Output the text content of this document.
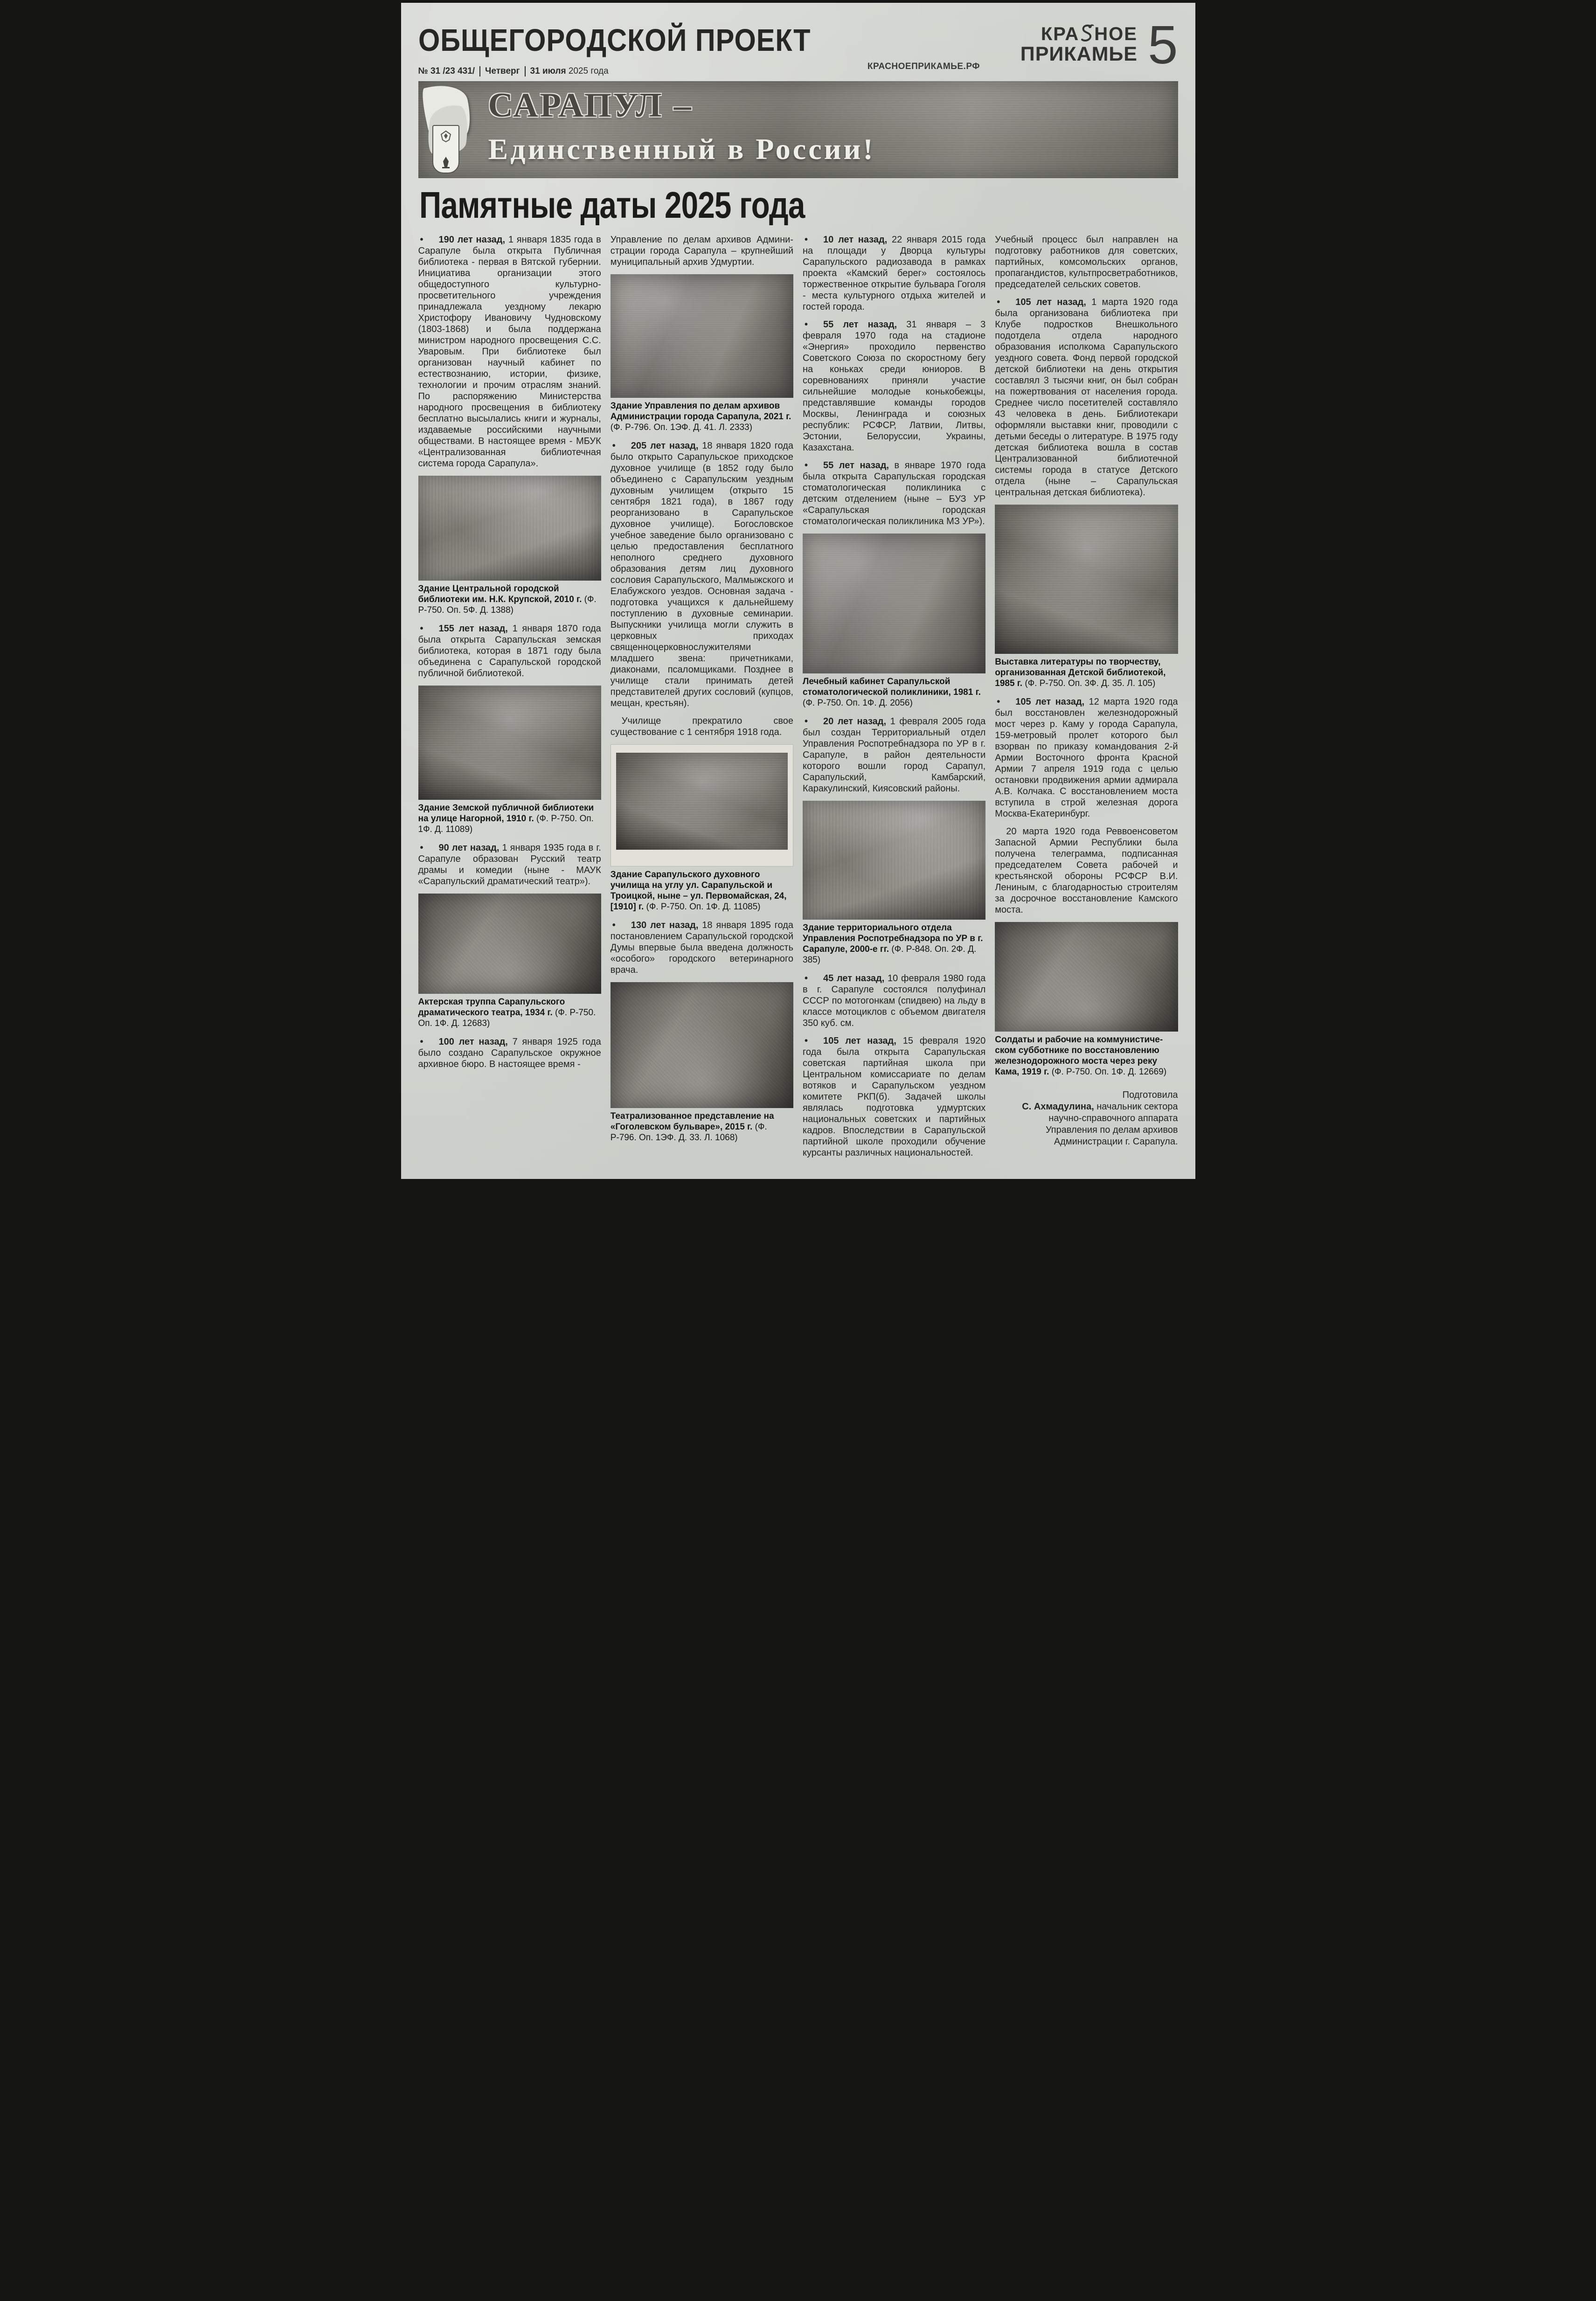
ОБЩЕГОРОДСКОЙ ПРОЕКТ
№ 31 /23 431/ Четверг 31 июля 2025 года	КРАСНОЕПРИКАМЬЕ.РФ
КРА НОЕ
ПРИКАМЬЕ 5
САРАПУЛ –
Единственный в России!
Памятные даты 2025 года

• 190 лет назад, 1 января 1835 года в Сарапуле была открыта Публичная библиотека - первая в Вятской губернии. Инициатива организации этого общедоступного культурно-просветительного учреждения принадлежала уездному лекарю Христофору Ивановичу Чудновскому (1803-1868) и была поддержана министром народного просвещения С.С. Уваровым. При библиотеке был организован научный кабинет по естествознанию, истории, физике, технологии и прочим отраслям знаний. По распоряжению Министерства народного просвещения в библиотеку бесплатно высылались книги и журналы, издаваемые российскими научными обществами. В настоящее время - МБУК «Централизованная библиотечная система города Сарапула».

Здание Центральной городской библиотеки им. Н.К. Крупской, 2010 г. (Ф. Р-750. Оп. 5Ф. Д. 1388)

• 155 лет назад, 1 января 1870 года была открыта Сарапульская земская библиотека, которая в 1871 году была объединена с Сарапульской городской публичной библиотекой.

Здание Земской публичной библиотеки на улице Нагорной, 1910 г. (Ф. Р-750. Оп. 1Ф. Д. 11089)

• 90 лет назад, 1 января 1935 года в г. Сарапуле образован Русский театр драмы и комедии (ныне - МАУК «Сарапульский драматический театр»).

Актерская труппа Сарапульского драматического театра, 1934 г. (Ф. Р-750. Оп. 1Ф. Д. 12683)

• 100 лет назад, 7 января 1925 года было создано Сарапульское окружное архивное бюро. В настоящее время -

Управление по делам архивов Администрации города Сарапула – крупнейший муниципальный архив Удмуртии.

Здание Управления по делам архивов Администрации города Сарапула, 2021 г. (Ф. Р-796. Оп. 1ЭФ. Д. 41. Л. 2333)

• 205 лет назад, 18 января 1820 года было открыто Сарапульское приходское духовное училище (в 1852 году было объединено с Сарапульским уездным духовным училищем (открыто 15 сентября 1821 года), в 1867 году реорганизовано в Сарапульское духовное училище). Богословское учебное заведение было организовано с целью предоставления бесплатного неполного среднего духовного образования детям лиц духовного сословия Сарапульского, Малмыжского и Елабужского уездов. Основная задача - подготовка учащихся к дальнейшему поступлению в духовные семинарии. Выпускники училища могли служить в церковных приходах священноцерковнослужителями младшего звена: причетниками, диаконами, псаломщиками. Позднее в училище стали принимать детей представителей других сословий (купцов, мещан, крестьян).

Училище прекратило свое существование с 1 сентября 1918 года.

Здание Сарапульского духовного училища на углу ул. Сарапульской и Троицкой, ныне – ул. Первомайская, 24, [1910] г. (Ф. Р-750. Оп. 1Ф. Д. 11085)

• 130 лет назад, 18 января 1895 года постановлением Сарапульской городской Думы впервые была введена должность «особого» городского ветеринарного врача.

Театрализованное представление на «Гоголевском бульваре», 2015 г. (Ф. Р-796. Оп. 1ЭФ. Д. 33. Л. 1068)

• 10 лет назад, 22 января 2015 года на площади у Дворца культуры Сарапульского радиозавода в рамках проекта «Камский берег» состоялось торжественное открытие бульвара Гоголя - места культурного отдыха жителей и гостей города.

• 55 лет назад, 31 января – 3 февраля 1970 года на стадионе «Энергия» проходило первенство Советского Союза по скоростному бегу на коньках среди юниоров. В соревнованиях приняли участие сильнейшие молодые конькобежцы, представлявшие команды городов Москвы, Ленинграда и союзных республик: РСФСР, Латвии, Литвы, Эстонии, Белоруссии, Украины, Казахстана.

• 55 лет назад, в январе 1970 года была открыта Сарапульская городская стоматологическая поликлиника с детским отделением (ныне – БУЗ УР «Сарапульская городская стоматологическая поликлиника МЗ УР»).

Лечебный кабинет Сарапульской стоматологической поликлиники, 1981 г. (Ф. Р-750. Оп. 1Ф. Д. 2056)

• 20 лет назад, 1 февраля 2005 года был создан Территориальный отдел Управления Роспотребнадзора по УР в г. Сарапуле, в район деятельности которого вошли город Сарапул, Сарапульский, Камбарский, Каракулинский, Киясовский районы.

Здание территориального отдела Управления Роспотребнадзора по УР в г. Сарапуле, 2000-е гг. (Ф. Р-848. Оп. 2Ф. Д. 385)

• 45 лет назад, 10 февраля 1980 года в г. Сарапуле состоялся полуфинал СССР по мотогонкам (спидвею) на льду в классе мотоциклов с объемом двигателя 350 куб. см.

• 105 лет назад, 15 февраля 1920 года была открыта Сарапульская советская партийная школа при Центральном комиссариате по делам вотяков и Сарапульском уездном комитете РКП(б). Задачей школы являлась подготовка удмуртских национальных советских и партийных кадров. Впоследствии в Сарапульской партийной школе проходили обучение курсанты различных национальностей.

Учебный процесс был направлен на подготовку работников для советских, партийных, комсомольских органов, пропагандистов, культпросветработников, председателей сельских советов.

• 105 лет назад, 1 марта 1920 года была организована библиотека при Клубе подростков Внешкольного подотдела отдела народного образования исполкома Сарапульского уездного совета. Фонд первой городской детской библиотеки на день открытия составлял 3 тысячи книг, он был собран на пожертвования от населения города. Среднее число посетителей составляло 43 человека в день. Библиотекари оформляли выставки книг, проводили с детьми беседы о литературе. В 1975 году детская библиотека вошла в состав Централизованной библиотечной системы города в статусе Детского отдела (ныне – Сарапульская центральная детская библиотека).

Выставка литературы по творчеству, организованная Детской библиотекой, 1985 г. (Ф. Р-750. Оп. 3Ф. Д. 35. Л. 105)

• 105 лет назад, 12 марта 1920 года был восстановлен железнодорожный мост через р. Каму у города Сарапула, 159-метровый пролет которого был взорван по приказу командования 2-й Армии Восточного фронта Красной Армии 7 апреля 1919 года с целью остановки продвижения армии адмирала А.В. Колчака. С восстановлением моста вступила в строй железная дорога Москва-Екатеринбург.

20 марта 1920 года Реввоенсоветом Запасной Армии Республики была получена телеграмма, подписанная председателем Совета рабочей и крестьянской обороны РСФСР В.И. Лениным, с благодарностью строителям за досрочное восстановление Камского моста.

Солдаты и рабочие на коммунистическом субботнике по восстановлению железнодорожного моста через реку Кама, 1919 г. (Ф. Р-750. Оп. 1Ф. Д. 12669)

Подготовила
С. Ахмадулина, начальник сектора научно-справочного аппарата Управления по делам архивов Администрации г. Сарапула.
